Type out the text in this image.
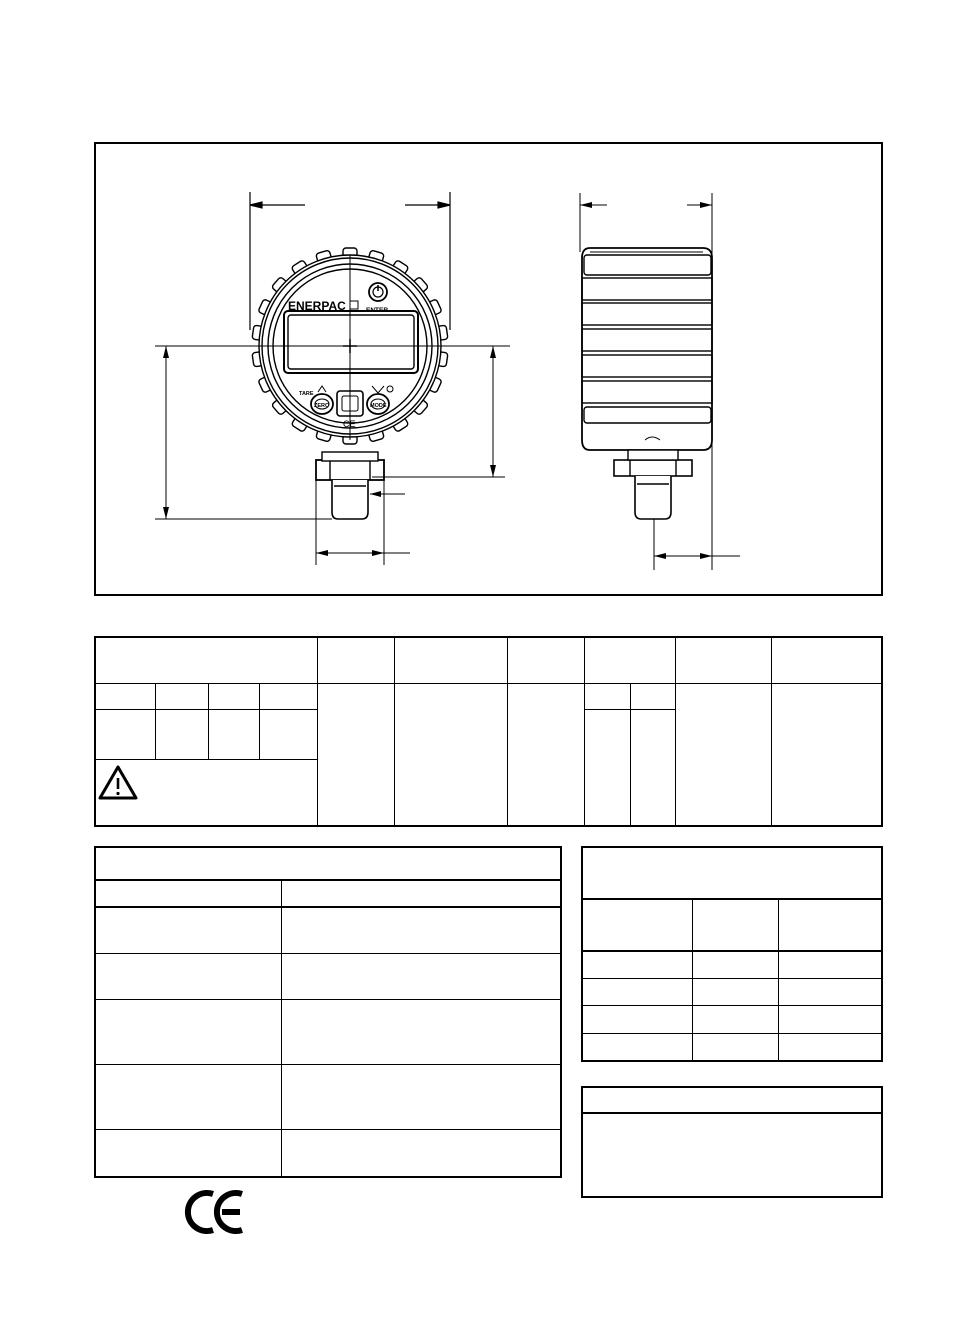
ENERPAC	ENTER
TARE
ZERO	MODE
CE
